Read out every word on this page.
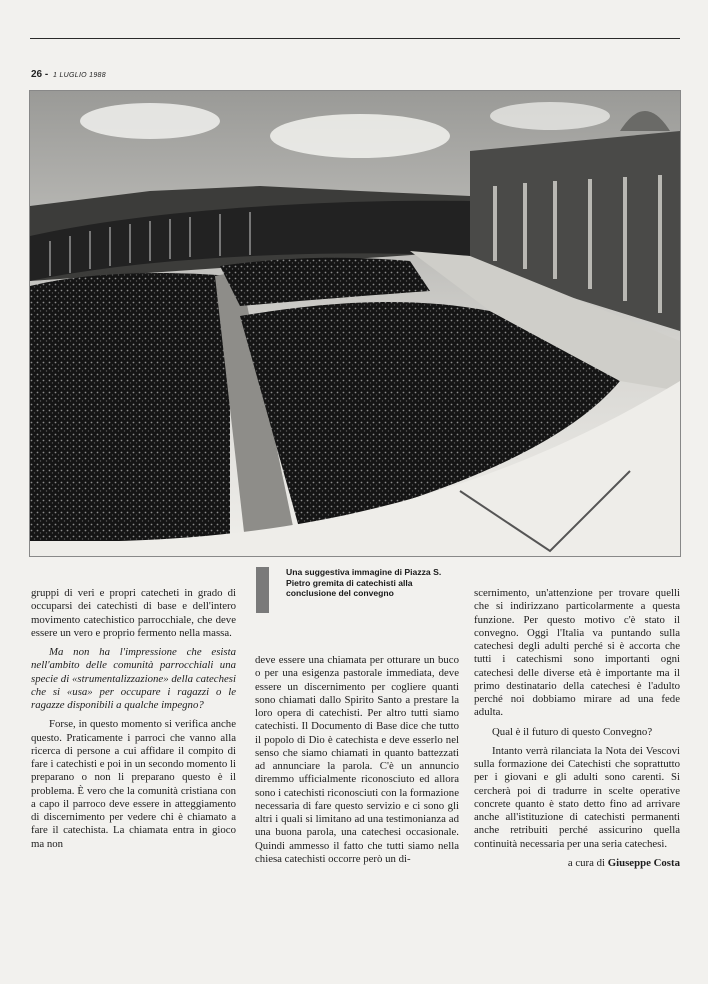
26 - 1 LUGLIO 1988
Una suggestiva immagine di Piazza S. Pietro gremita di catechisti alla conclusione del convegno

gruppi di veri e propri catecheti in grado di occuparsi dei catechisti di base e dell'intero movimento catechistico parrocchiale, che deve essere un vero e proprio fermento nella massa.

Ma non ha l'impressione che esista nell'ambito delle comunità parrocchiali una specie di «strumentalizzazione» della catechesi che si «usa» per occupare i ragazzi o le ragazze disponibili a qualche impegno?

Forse, in questo momento si verifica anche questo. Praticamente i parroci che vanno alla ricerca di persone a cui affidare il compito di fare i catechisti e poi in un secondo momento li preparano o non li preparano questo è il problema. È vero che la comunità cristiana con a capo il parroco deve essere in atteggiamento di discernimento per vedere chi è chiamato a fare il catechista. La chiamata entra in gioco ma non

deve essere una chiamata per otturare un buco o per una esigenza pastorale immediata, deve essere un discernimento per cogliere quanti sono chiamati dallo Spirito Santo a prestare la loro opera di catechisti. Per altro tutti siamo catechisti. Il Documento di Base dice che tutto il popolo di Dio è catechista e deve esserlo nel senso che siamo chiamati in quanto battezzati ad annunciare la parola. C'è un annuncio diremmo ufficialmente riconosciuto ed allora sono i catechisti riconosciuti con la formazione necessaria di fare questo servizio e ci sono gli altri i quali si limitano ad una testimonianza ad una buona parola, una catechesi occasionale. Quindi ammesso il fatto che tutti siamo nella chiesa catechisti occorre però un di-

scernimento, un'attenzione per trovare quelli che si indirizzano particolarmente a questa funzione. Per questo motivo c'è stato il convegno. Oggi l'Italia va puntando sulla catechesi degli adulti perché si è accorta che tutti i catechismi sono importanti ogni catechesi delle diverse età è importante ma il primo destinatario della catechesi è l'adulto perché noi dobbiamo mirare ad una fede adulta.

Qual è il futuro di questo Convegno?

Intanto verrà rilanciata la Nota dei Vescovi sulla formazione dei Catechisti che soprattutto per i giovani e gli adulti sono carenti. Si cercherà poi di tradurre in scelte operative concrete quanto è stato detto fino ad arrivare anche all'istituzione di catechisti permanenti anche retribuiti perché assicurino quella continuità necessaria per una seria catechesi.

a cura di Giuseppe Costa
